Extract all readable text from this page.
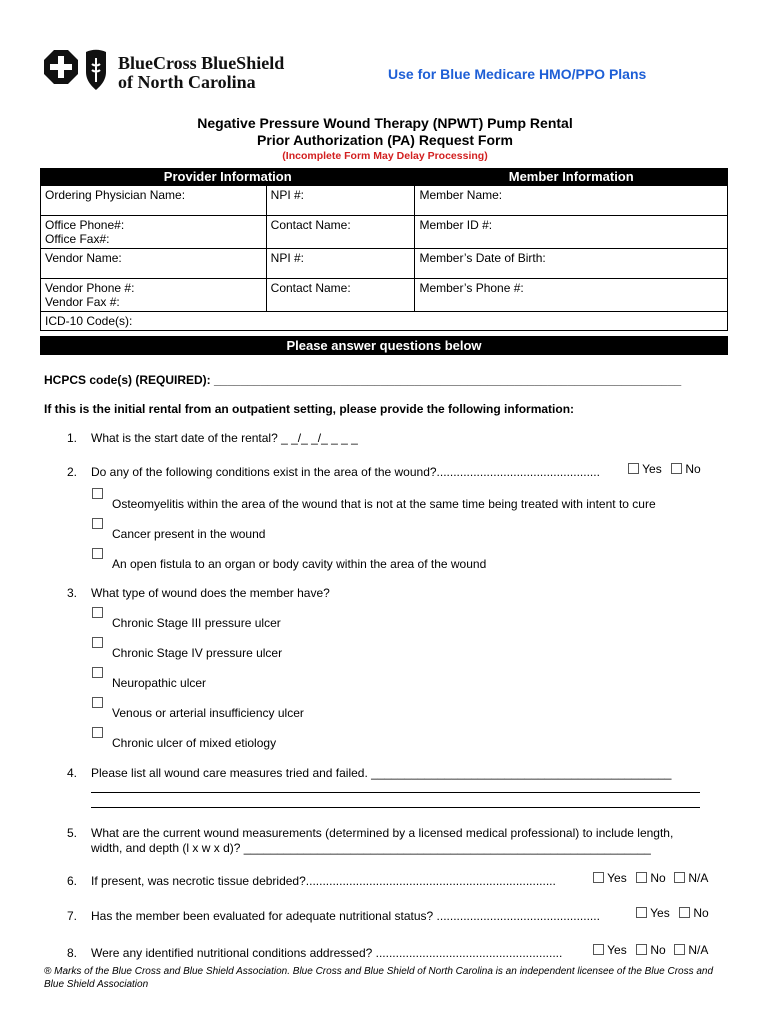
BlueCross BlueShield
of North Carolina	Use for Blue Medicare HMO/PPO Plans
Negative Pressure Wound Therapy (NPWT) Pump Rental
Prior Authorization (PA) Request Form
(Incomplete Form May Delay Processing)
Provider Information		Member Information
Ordering Physician Name:	NPI #:	Member Name:

Office Phone#:
Office Fax#:	Contact Name:	Member ID #:
Vendor Name:	NPI #:	Member’s Date of Birth:

Vendor Phone #:
Vendor Fax #:	Contact Name:	Member’s Phone #:
ICD-10 Code(s):		
Please answer questions below
HCPCS code(s) (REQUIRED): ______________________________________________________________________
If this is the initial rental from an outpatient setting, please provide the following information:
1. What is the start date of the rental? _ _/_ _/_ _ _ _
2. Do any of the following conditions exist in the area of the wound?.................................................	Yes	No
Osteomyelitis within the area of the wound that is not at the same time being treated with intent to cure
Cancer present in the wound
An open fistula to an organ or body cavity within the area of the wound
3. What type of wound does the member have?
Chronic Stage III pressure ulcer
Chronic Stage IV pressure ulcer
Neuropathic ulcer
Venous or arterial insufficiency ulcer
Chronic ulcer of mixed etiology
4. Please list all wound care measures tried and failed. _____________________________________________
5. What are the current wound measurements (determined by a licensed medical professional) to include length,
width, and depth (l x w x d)? _____________________________________________________________
6. If present, was necrotic tissue debrided?...........................................................................	Yes	No	N/A
7. Has the member been evaluated for adequate nutritional status? .................................................	Yes	No
8. Were any identified nutritional conditions addressed? ........................................................	Yes	No	N/A
® Marks of the Blue Cross and Blue Shield Association. Blue Cross and Blue Shield of North Carolina is an independent licensee of the Blue Cross and Blue Shield Association
